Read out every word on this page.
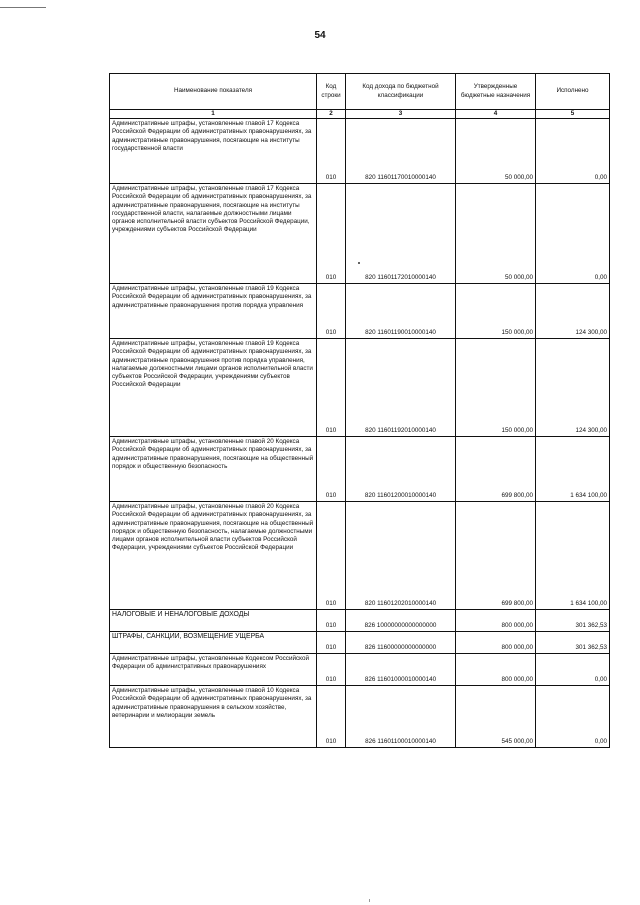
54
Наименование показателя	Код строки	Код дохода по бюджетной классификации	Утвержденные бюджетные назначения	Исполнено
1	2	3	4	5
Административные штрафы, установленные главой 17 Кодекса Российской Федерации об административных правонарушениях, за административные правонарушения, посягающие на институты государственной власти	010	820 11601170010000140	50 000,00	0,00
Административные штрафы, установленные главой 17 Кодекса Российской Федерации об административных правонарушениях, за административные правонарушения, посягающие на институты государственной власти, налагаемые должностными лицами органов исполнительной власти субъектов Российской Федерации, учреждениями субъектов Российской Федерации	010	820 11601172010000140	50 000,00	0,00
Административные штрафы, установленные главой 19 Кодекса Российской Федерации об административных правонарушениях, за административные правонарушения против порядка управления	010	820 11601190010000140	150 000,00	124 300,00
Административные штрафы, установленные главой 19 Кодекса Российской Федерации об административных правонарушениях, за административные правонарушения против порядка управления, налагаемые должностными лицами органов исполнительной власти субъектов Российской Федерации, учреждениями субъектов Российской Федерации	010	820 11601192010000140	150 000,00	124 300,00
Административные штрафы, установленные главой 20 Кодекса Российской Федерации об административных правонарушениях, за административные правонарушения, посягающие на общественный порядок и общественную безопасность	010	820 11601200010000140	699 800,00	1 634 100,00
Административные штрафы, установленные главой 20 Кодекса Российской Федерации об административных правонарушениях, за административные правонарушения, посягающие на общественный порядок и общественную безопасность, налагаемые должностными лицами органов исполнительной власти субъектов Российской Федерации, учреждениями субъектов Российской Федерации	010	820 11601202010000140	699 800,00	1 634 100,00
НАЛОГОВЫЕ И НЕНАЛОГОВЫЕ ДОХОДЫ	010	826 10000000000000000	800 000,00	301 362,53
ШТРАФЫ, САНКЦИИ, ВОЗМЕЩЕНИЕ УЩЕРБА	010	826 11600000000000000	800 000,00	301 362,53
Административные штрафы, установленные Кодексом Российской Федерации об административных правонарушениях	010	826 11601000010000140	800 000,00	0,00
Административные штрафы, установленные главой 10 Кодекса Российской Федерации об административных правонарушениях, за административные правонарушения в сельском хозяйстве, ветеринарии и мелиорации земель	010	826 11601100010000140	545 000,00	0,00
